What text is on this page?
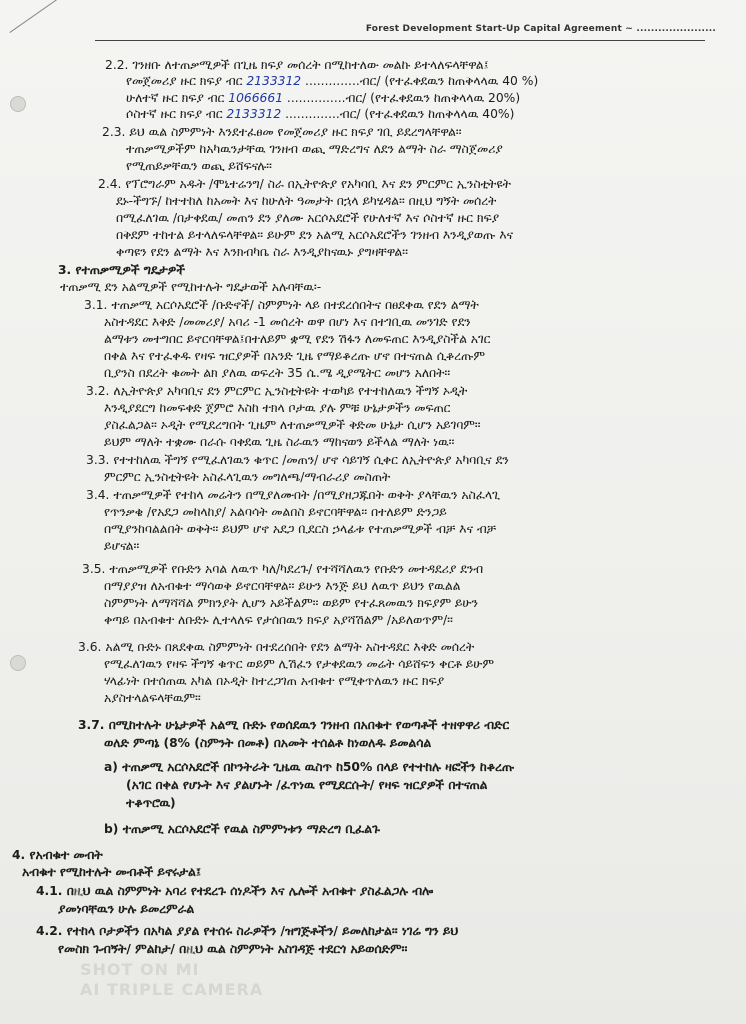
Forest Development Start-Up Capital Agreement ~ ......................
2.2. ገንዘቡ ለተጠቃሚዎች በጊዜ ክፍያ መሰረት በሚከተለው መልኩ ይተላለፍላቸዋል፤
የመጀመሪያ ዙር ክፍያ ብር 2133312 ..............ብር/ (የተፈቀደዉን ከጠቅላላዉ 40 %)
ሁለተኛ ዙር ክፍያ ብር 1066661 ...............ብር/ (የተፈቀደዉን ከጠቅላላዉ 20%)
ሶስተኛ ዙር ክፍያ ብር 2133312 ..............ብር/ (የተፈቀደዉን ከጠቅላላዉ 40%)
2.3. ይህ ዉል ስምምነት እንደተፈፀመ የመጀመሪያ ዙር ክፍያ ገቢ ይደረግላቸዋል፡፡
ተጠቃሚዎችም ከአካዉንታቸዉ ገንዘብ ወጪ ማድረግና ለደን ልማት ስራ ማስጀመሪያ
የሚጠይቃቸዉን ወጪ ይሸፍናሉ፡፡
2.4. የፕሮግራም አዱት /ሞኒተሬንግ/ ስራ በኢትዮጵያ የአካባቢ እና ደን ምርምር ኢንስቲትዩት
ደኑ-ችግኙ/ ከተተከለ ከአመት እና ከሁለት ዓመታት በኋላ ይካሄዳል፡፡ በዚህ ግኝት መሰረት
በሚፈለገዉ /በታቀደዉ/ መጠን ደን ያለሙ አርሶአደሮች የሁለተኛ እና ሶስተኛ ዙር ክፍያ
በቅደም ተከተል ይተላለፍላቸዋል፡፡ ይሁም ደን አልሚ አርሶአደሮችን ገንዘብ እንዲያወጡ እና
ቀጣዩን የደን ልማት እና እንክብካቤ ስራ እንዲያከናዉኑ ያግዛቸዋል፡፡
3. የተጠቃሚዎች ግዴታዎች
ተጠቃሚ ደን አልሚዎች የሚከተሉት ግዴታወች አሉባቸዉ፡-
3.1. ተጠቃሚ አርሶአደሮች /ቡድኖች/ ስምምነት ላይ በተደረሰበትና በፀደቀዉ የደን ልማት
አስተዳደር እቅድ /መመሪያ/ አባሪ -1 መሰረት ወዋ በሆነ እና በተገቢዉ መንገድ የደን
ልማቱን መተግበር ይኖርባቸዋል፤በተለይም ቋሚ የደን ሽፋን ለመፍጠር እንዲያስችል አገር
በቀል እና የተፈቀዱ የዛፍ ዝርያዎች በአንድ ጊዜ የማይቆረጡ ሆኖ በተናጠል ሲቆረጡም
ቢያንስ በደረት ቁመት ልክ ያለዉ ወፍረት 35 ሴ.ሜ ዲያሜትር መሆን አለበት፡፡
3.2. ለኢትዮጵያ አካባቢና ደን ምርምር ኢንስቲትዩት ተወካይ የተተከለዉን ችግኝ ኦዲት
እንዲያደርግ ከመፍቀድ ጀምሮ እስከ ተክላ ቦታዉ ያሉ ምቹ ሁኔታዎችን መፍጠር
ያስፈልጋል፡፡ ኦዲት የሚደረግበት ጊዜም ለተጠቃሚዎች ቅድመ ሁኔታ ሲሆን አይገባም፡፡
ይህም ማለት ተቋሙ በራሱ ባቀደዉ ጊዜ ስራዉን ማከናወን ይችላል ማለት ነዉ፡፡
3.3. የተተከለዉ ችግኝ የሚፈለገዉን ቁጥር /መጠን/ ሆኖ ሳይገኝ ሲቀር ለኢትዮጵያ አካባቢና ደን
ምርምር ኢንስቲትዩት አስፈላጊዉን መግለጫ/ማብራሪያ መስጠት
3.4. ተጠቃሚዎች የተከላ መሬትን በሚያለሙበት /በሚያዘጋጁበት ወቅት ያላቸዉን አስፈላጊ
የጥንቃቄ /የአደጋ መከላከያ/ አልባሳት መልበስ ይኖርባቸዋል፡፡ በተለይም ድንጋይ
በሚያንከባልልበት ወቅት፡፡ ይህም ሆኖ አደጋ ቢደርስ ኃላፊቱ የተጠቃሚዎች ብቻ እና ብቻ
ይሆናል፡፡
3.5. ተጠቃሚዎች የቡድን አባል ለዉጥ ካለ/ካደረጉ/ የተሻሻለዉን የቡድን መተዳደሪያ ደንብ
በማያያዝ ለአብቁተ ማሳወቅ ይኖርባቸዋል፡፡ ይሁን እንጅ ይህ ለዉጥ ይህን የዉልል
ስምምነት ለማሻሻል ምክንያት ሊሆን አይችልም፡፡ ወይም የተፈጸመዉን ክፍያም ይሁን
ቀጣይ በአብቁተ ለቡድኑ ሊተላለፍ የታሰበዉን ክፍያ አያሻሽልም /አይለወጥም/፡፡
3.6. አልሚ ቡድኑ በጸደቀዉ ስምምነት በተደረሰበት የደን ልማት አስተዳደር እቅድ መሰረት
የሚፈለገዉን የዛፍ ችግኝ ቁጥር ወይም ሊሽፈን የታቀደዉን መሬት ሳይሸፍን ቀርቶ ይሁም
ሃላፊነት በተሰጠዉ አካል በኦዲት ከተረጋገጠ አብቁተ የሚቀጥለዉን ዙር ክፍያ
አያስተላልፍላቸዉም፡፡
3.7. በሚከተሉት ሁኔታዎች አልሚ ቡድኑ የወሰደዉን ገንዘብ በአበቁተ የወጣቶች ተዘዋዋሪ ብድር
ወለድ ምጣኔ (8% (ስምንት በመቶ) በአመት ተሰልቶ ከነወለዱ ይመልሳል
a) ተጠቃሚ አርሶአደሮች በኮንትራት ጊዜዉ ዉስጥ ከ50% በላይ የተተከሉ ዛፎችን ከቆረጡ
(አገር በቀል የሆኑት እና ያልሆኑት /ፈጥነዉ የሚደርሱት/ የዛፍ ዝርያዎች በተናጠል
ተቆጥሮዉ)
b) ተጠቃሚ አርሶአደሮች የዉል ስምምነቱን ማድረግ ቢፈልጉ
4. የአብቁተ መብት
አብቁተ የሚከተሉት መብቶች ይኖሩታል፤
4.1. በዚህ ዉል ስምምነት አባሪ የተደረጉ ሰነዶችን እና ሌሎች አብቁተ ያስፈልጋሉ ብሎ
ያመነባቸዉን ሁሉ ይመረምራል
4.2. የተከላ ቦታዎችን በአካል ያያል የተሰሩ ስራዎችን /ዝግጅቶችን/ ይመለከታል፡፡ ነገሬ ግን ይህ
የመስክ ጉብኝት/ ምልከታ/ በዚህ ዉል ስምምነት አስገዳጅ ተደርጎ አይወሰድም፡፡
SHOT ON MI
AI TRIPLE CAMERA
